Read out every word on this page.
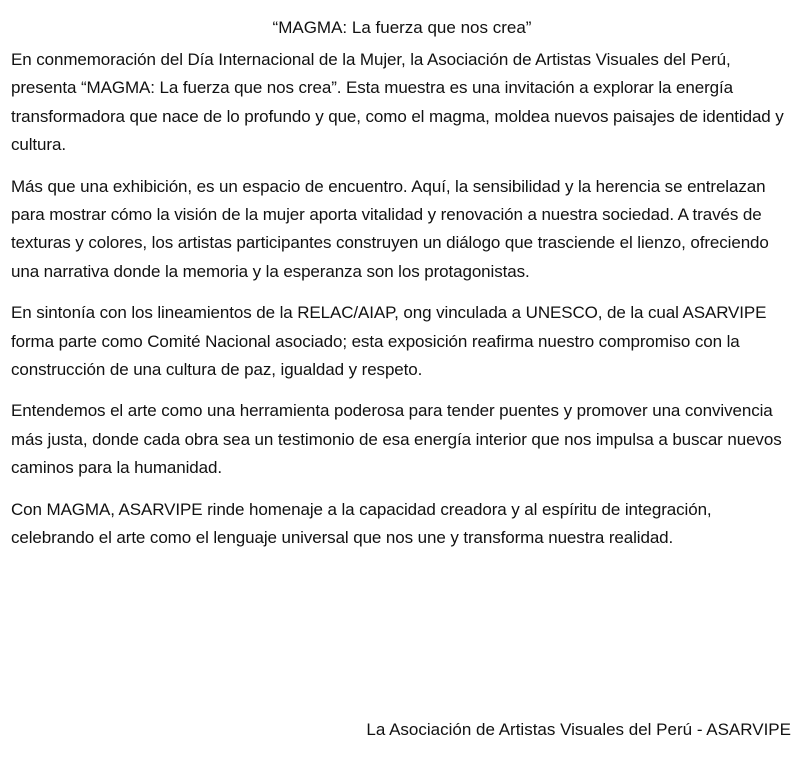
“MAGMA: La fuerza que nos crea”

En conmemoración del Día Internacional de la Mujer, la Asociación de Artistas Visuales del Perú, presenta “MAGMA: La fuerza que nos crea”. Esta muestra es una invitación a explorar la energía transformadora que nace de lo profundo y que, como el magma, moldea nuevos paisajes de identidad y cultura.

Más que una exhibición, es un espacio de encuentro. Aquí, la sensibilidad y la herencia se entrelazan para mostrar cómo la visión de la mujer aporta vitalidad y renovación a nuestra sociedad. A través de texturas y colores, los artistas participantes construyen un diálogo que trasciende el lienzo, ofreciendo una narrativa donde la memoria y la esperanza son los protagonistas.

En sintonía con los lineamientos de la RELAC/AIAP, ong vinculada a UNESCO, de la cual ASARVIPE forma parte como Comité Nacional asociado; esta exposición reafirma nuestro compromiso con la construcción de una cultura de paz, igualdad y respeto.

Entendemos el arte como una herramienta poderosa para tender puentes y promover una convivencia más justa, donde cada obra sea un testimonio de esa energía interior que nos impulsa a buscar nuevos caminos para la humanidad.

Con MAGMA, ASARVIPE rinde homenaje a la capacidad creadora y al espíritu de integración, celebrando el arte como el lenguaje universal que nos une y transforma nuestra realidad.

La Asociación de Artistas Visuales del Perú - ASARVIPE
